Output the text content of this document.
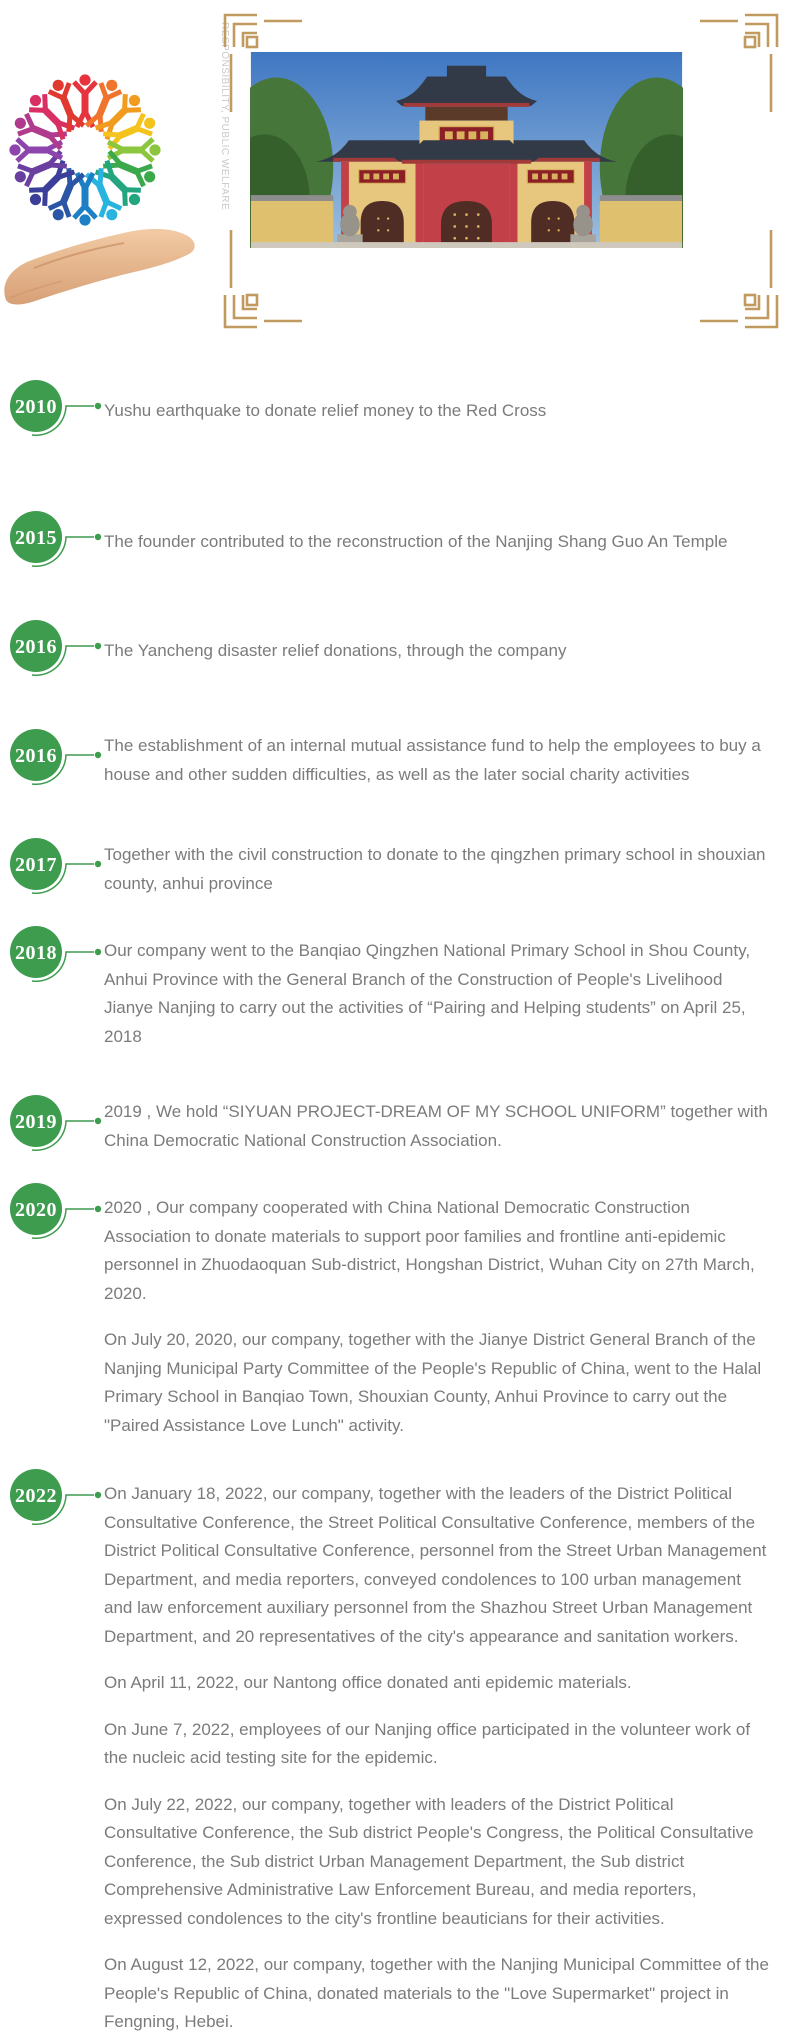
RESPONSIBILITY, PUBLIC WELFARE
2010	Yushu earthquake to donate relief money to the Red Cross

2015	The founder contributed to the reconstruction of the Nanjing Shang Guo An Temple

2016	The Yancheng disaster relief donations, through the company

2016	The establishment of an internal mutual assistance fund to help the employees to buy a house and other sudden difficulties, as well as the later social charity activities

2017	Together with the civil construction to donate to the qingzhen primary school in shouxian county, anhui province

2018	Our company went to the Banqiao Qingzhen National Primary School in Shou County, Anhui Province with the General Branch of the Construction of People's Livelihood Jianye Nanjing to carry out the activities of “Pairing and Helping students” on April 25, 2018

2019	2019 , We hold “SIYUAN PROJECT-DREAM OF MY SCHOOL UNIFORM” together with China Democratic National Construction Association.

2020	2020 , Our company cooperated with China National Democratic Construction Association to donate materials to support poor families and frontline anti-epidemic personnel in Zhuodaoquan Sub-district, Hongshan District, Wuhan City on 27th March, 2020.

On July 20, 2020, our company, together with the Jianye District General Branch of the Nanjing Municipal Party Committee of the People's Republic of China, went to the Halal Primary School in Banqiao Town, Shouxian County, Anhui Province to carry out the "Paired Assistance Love Lunch" activity.

2022	On January 18, 2022, our company, together with the leaders of the District Political Consultative Conference, the Street Political Consultative Conference, members of the District Political Consultative Conference, personnel from the Street Urban Management Department, and media reporters, conveyed condolences to 100 urban management and law enforcement auxiliary personnel from the Shazhou Street Urban Management Department, and 20 representatives of the city's appearance and sanitation workers.

On April 11, 2022, our Nantong office donated anti epidemic materials.

On June 7, 2022, employees of our Nanjing office participated in the volunteer work of the nucleic acid testing site for the epidemic.

On July 22, 2022, our company, together with leaders of the District Political Consultative Conference, the Sub district People's Congress, the Political Consultative Conference, the Sub district Urban Management Department, the Sub district Comprehensive Administrative Law Enforcement Bureau, and media reporters, expressed condolences to the city's frontline beauticians for their activities.

On August 12, 2022, our company, together with the Nanjing Municipal Committee of the People's Republic of China, donated materials to the "Love Supermarket" project in Fengning, Hebei.
